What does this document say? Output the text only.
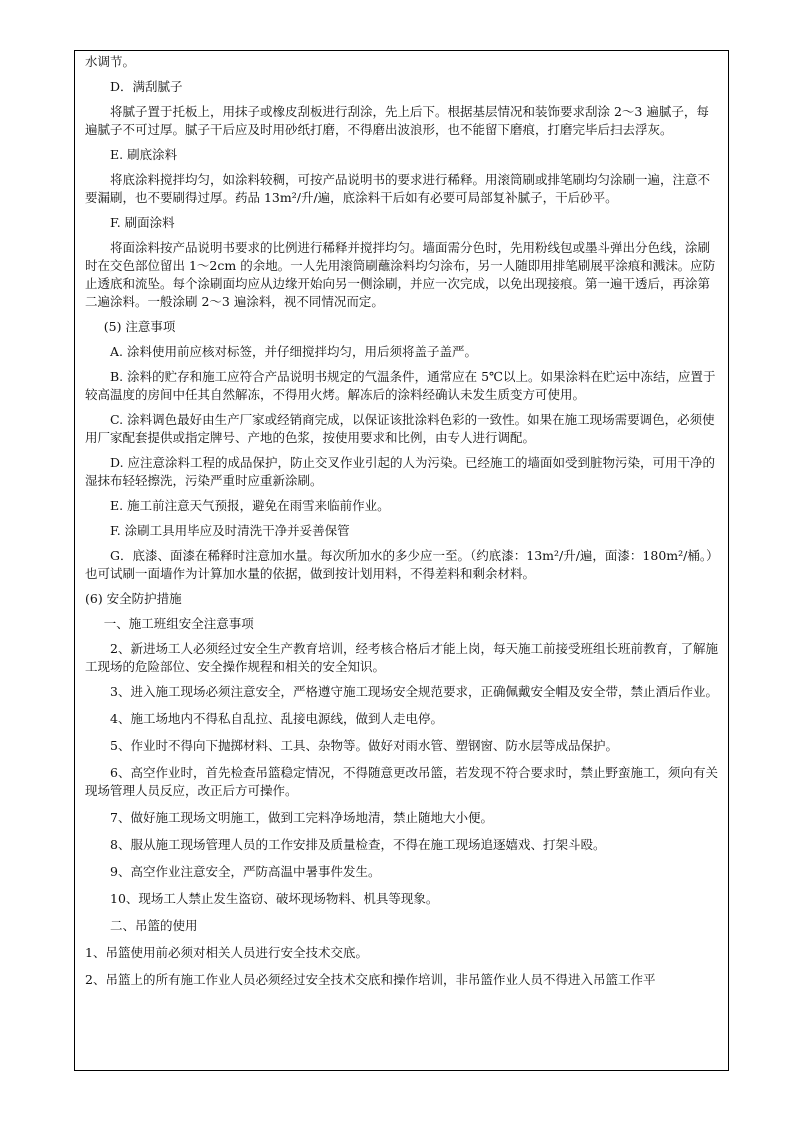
水调节。

D．满刮腻子

将腻子置于托板上，用抹子或橡皮刮板进行刮涂，先上后下。根据基层情况和装饰要求刮涂 2～3 遍腻子，每遍腻子不可过厚。腻子干后应及时用砂纸打磨，不得磨出波浪形，也不能留下磨痕，打磨完毕后扫去浮灰。

E. 刷底涂料

将底涂料搅拌均匀，如涂料较稠，可按产品说明书的要求进行稀释。用滚筒刷或排笔刷均匀涂刷一遍，注意不要漏刷，也不要刷得过厚。药品 13m²/升/遍，底涂料干后如有必要可局部复补腻子，干后砂平。

F. 刷面涂料

将面涂料按产品说明书要求的比例进行稀释并搅拌均匀。墙面需分色时，先用粉线包或墨斗弹出分色线，涂刷时在交色部位留出 1～2cm 的余地。一人先用滚筒刷蘸涂料均匀涂布，另一人随即用排笔刷展平涂痕和溅沫。应防止透底和流坠。每个涂刷面均应从边缘开始向另一侧涂刷，并应一次完成，以免出现接痕。第一遍干透后，再涂第二遍涂料。一般涂刷 2～3 遍涂料，视不同情况而定。

(5) 注意事项

A. 涂料使用前应核对标签，并仔细搅拌均匀，用后须将盖子盖严。

B. 涂料的贮存和施工应符合产品说明书规定的气温条件，通常应在 5℃以上。如果涂料在贮运中冻结，应置于较高温度的房间中任其自然解冻，不得用火烤。解冻后的涂料经确认未发生质变方可使用。

C. 涂料调色最好由生产厂家或经销商完成，以保证该批涂料色彩的一致性。如果在施工现场需要调色，必须使用厂家配套提供或指定牌号、产地的色浆，按使用要求和比例，由专人进行调配。

D. 应注意涂料工程的成品保护，防止交叉作业引起的人为污染。已经施工的墙面如受到脏物污染，可用干净的湿抹布轻轻擦洗，污染严重时应重新涂刷。

E. 施工前注意天气预报，避免在雨雪来临前作业。

F. 涂刷工具用毕应及时清洗干净并妥善保管

G．底漆、面漆在稀释时注意加水量。每次所加水的多少应一至。（约底漆：13m²/升/遍，面漆：180m²/桶。）也可试刷一面墙作为计算加水量的依据，做到按计划用料，不得差料和剩余材料。

(6) 安全防护措施

一、施工班组安全注意事项

2、新进场工人必须经过安全生产教育培训，经考核合格后才能上岗，每天施工前接受班组长班前教育，了解施工现场的危险部位、安全操作规程和相关的安全知识。

3、进入施工现场必须注意安全，严格遵守施工现场安全规范要求，正确佩戴安全帽及安全带，禁止酒后作业。

4、施工场地内不得私自乱拉、乱接电源线，做到人走电停。

5、作业时不得向下抛掷材料、工具、杂物等。做好对雨水管、塑钢窗、防水层等成品保护。

6、高空作业时，首先检查吊篮稳定情况，不得随意更改吊篮，若发现不符合要求时，禁止野蛮施工，须向有关现场管理人员反应，改正后方可操作。

7、做好施工现场文明施工，做到工完料净场地清，禁止随地大小便。

8、服从施工现场管理人员的工作安排及质量检查，不得在施工现场追逐嬉戏、打架斗殴。

9、高空作业注意安全，严防高温中暑事件发生。

10、现场工人禁止发生盗窃、破坏现场物料、机具等现象。

二、吊篮的使用

1、吊篮使用前必须对相关人员进行安全技术交底。

2、吊篮上的所有施工作业人员必须经过安全技术交底和操作培训，非吊篮作业人员不得进入吊篮工作平
